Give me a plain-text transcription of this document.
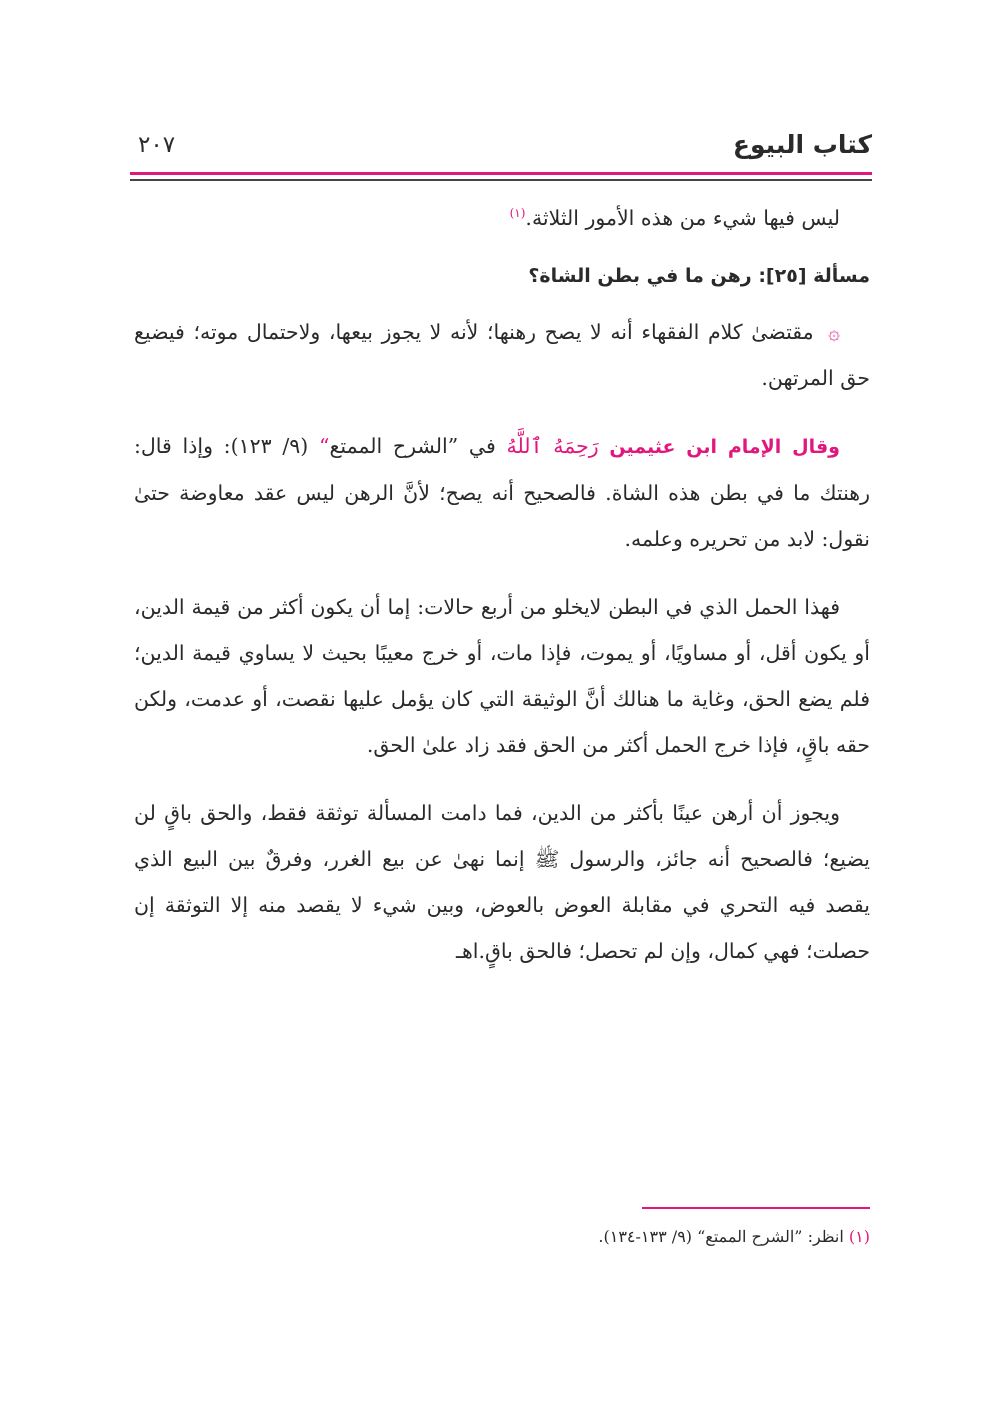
كتاب البيوع
٢٠٧

ليس فيها شيء من هذه الأمور الثلاثة.$^{(١)}$

مسألة [٢٥]: رهن ما في بطن الشاة؟

۞ مقتضىٰ كلام الفقهاء أنه لا يصح رهنها؛ لأنه لا يجوز بيعها، ولاحتمال موته؛ فيضيع حق المرتهن.

وقال الإمام ابن عثيمين رَحِمَهُ ٱللَّهُ في ”الشرح الممتع“ (٩/ ١٢٣): وإذا قال: رهنتك ما في بطن هذه الشاة. فالصحيح أنه يصح؛ لأنَّ الرهن ليس عقد معاوضة حتىٰ نقول: لابد من تحريره وعلمه.

فهذا الحمل الذي في البطن لايخلو من أربع حالات: إما أن يكون أكثر من قيمة الدين، أو يكون أقل، أو مساويًا، أو يموت، فإذا مات، أو خرج معيبًا بحيث لا يساوي قيمة الدين؛ فلم يضع الحق، وغاية ما هنالك أنَّ الوثيقة التي كان يؤمل عليها نقصت، أو عدمت، ولكن حقه باقٍ، فإذا خرج الحمل أكثر من الحق فقد زاد علىٰ الحق.

ويجوز أن أرهن عينًا بأكثر من الدين، فما دامت المسألة توثقة فقط، والحق باقٍ لن يضيع؛ فالصحيح أنه جائز، والرسول ﷺ إنما نهىٰ عن بيع الغرر، وفرقٌ بين البيع الذي يقصد فيه التحري في مقابلة العوض بالعوض، وبين شيء لا يقصد منه إلا التوثقة إن حصلت؛ فهي كمال، وإن لم تحصل؛ فالحق باقٍ.اهـ

(١) انظر: ”الشرح الممتع“ (٩/ ١٣٣-١٣٤).
